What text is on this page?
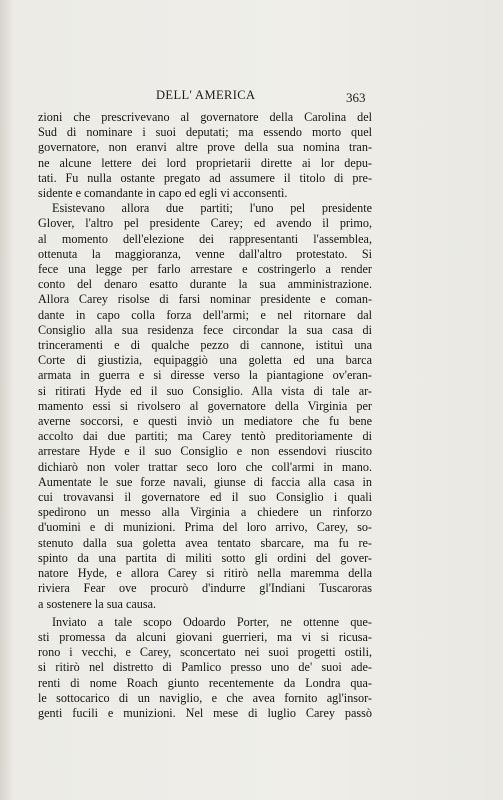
DELL' AMERICA	363
zioni che prescrivevano al governatore della Carolina del
Sud di nominare i suoi deputati; ma essendo morto quel
governatore, non eranvi altre prove della sua nomina tran-
ne alcune lettere dei lord proprietarii dirette ai lor depu-
tati. Fu nulla ostante pregato ad assumere il titolo di pre-
sidente e comandante in capo ed egli vi acconsentì.
Esistevano allora due partiti; l'uno pel presidente
Glover, l'altro pel presidente Carey; ed avendo il primo,
al momento dell'elezione dei rappresentanti l'assemblea,
ottenuta la maggioranza, venne dall'altro protestato. Si
fece una legge per farlo arrestare e costringerlo a render
conto del denaro esatto durante la sua amministrazione.
Allora Carey risolse di farsi nominar presidente e coman-
dante in capo colla forza dell'armi; e nel ritornare dal
Consiglio alla sua residenza fece circondar la sua casa di
trinceramenti e di qualche pezzo di cannone, istituì una
Corte di giustizia, equipaggiò una goletta ed una barca
armata in guerra e si diresse verso la piantagione ov'eran-
si ritirati Hyde ed il suo Consiglio. Alla vista di tale ar-
mamento essi si rivolsero al governatore della Virginia per
averne soccorsi, e questi inviò un mediatore che fu bene
accolto dai due partiti; ma Carey tentò preditoriamente di
arrestare Hyde e il suo Consiglio e non essendovi riuscito
dichiarò non voler trattar seco loro che coll'armi in mano.
Aumentate le sue forze navali, giunse di faccia alla casa in
cui trovavansi il governatore ed il suo Consiglio i quali
spedirono un messo alla Virginia a chiedere un rinforzo
d'uomini e di munizioni. Prima del loro arrivo, Carey, so-
stenuto dalla sua goletta avea tentato sbarcare, ma fu re-
spinto da una partita di militi sotto gli ordini del gover-
natore Hyde, e allora Carey si ritirò nella maremma della
riviera Fear ove procurò d'indurre gl'Indiani Tuscaroras
a sostenere la sua causa.
Inviato a tale scopo Odoardo Porter, ne ottenne que-
sti promessa da alcuni giovani guerrieri, ma vi si ricusa-
rono i vecchi, e Carey, sconcertato nei suoi progetti ostili,
si ritirò nel distretto di Pamlico presso uno de' suoi ade-
renti di nome Roach giunto recentemente da Londra qua-
le sottocarico di un naviglio, e che avea fornito agl'insor-
genti fucili e munizioni. Nel mese di luglio Carey passò
